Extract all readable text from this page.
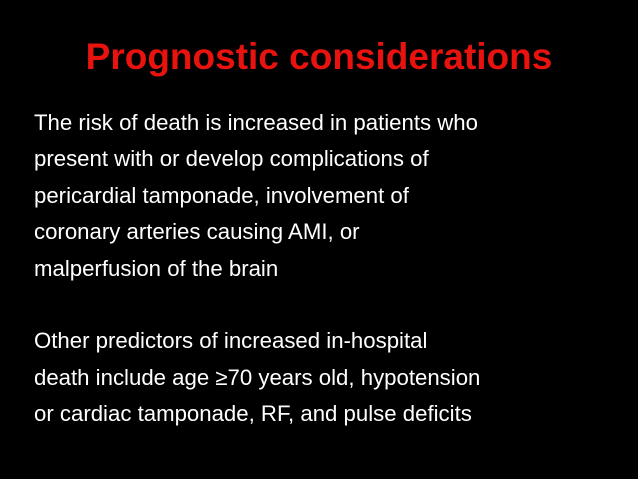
Prognostic considerations

The risk of death is increased in patients who
present with or develop complications of
pericardial tamponade, involvement of
coronary arteries causing AMI, or
malperfusion of the brain

Other predictors of increased in-hospital
death include age ≥70 years old, hypotension
or cardiac tamponade, RF, and pulse deficits
